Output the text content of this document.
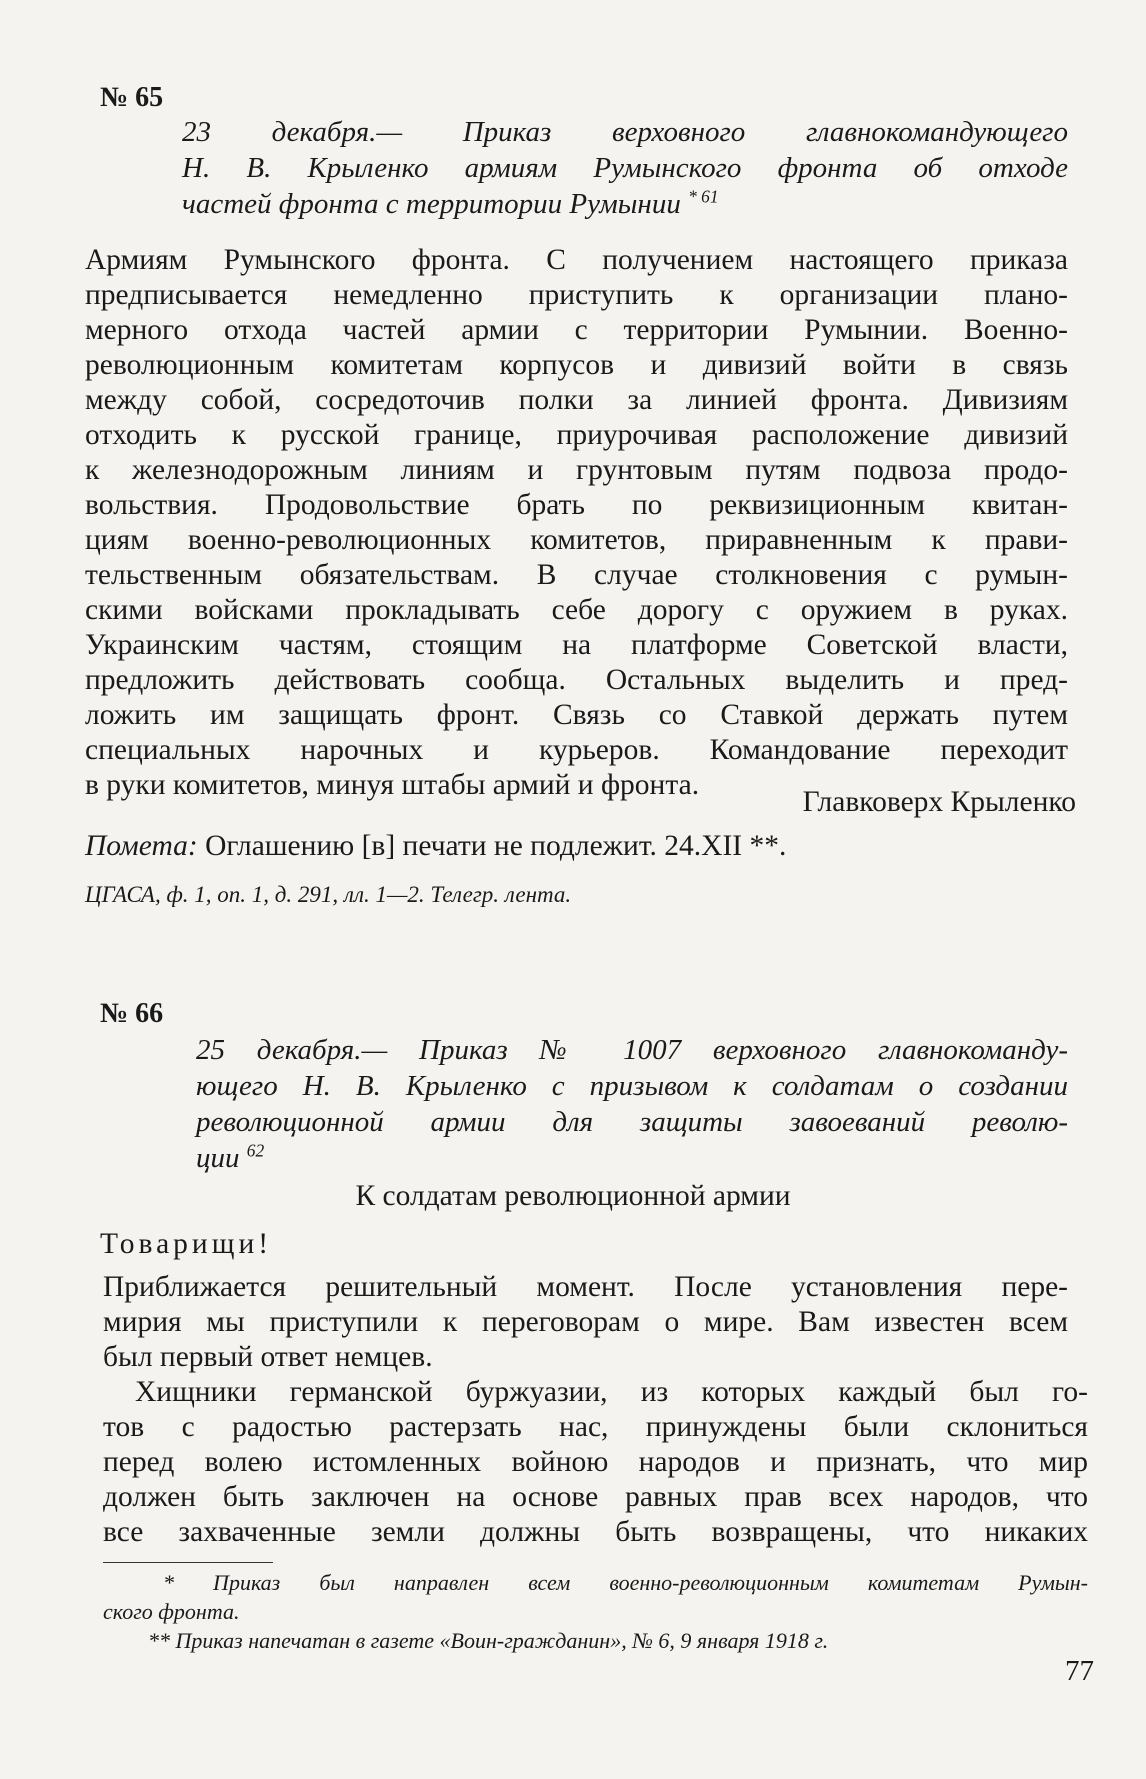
№ 65
23 декабря.— Приказ верховного главнокомандующего
Н. В. Крыленко армиям Румынского фронта об отходе
частей фронта с территории Румынии $^{* 61}$
Армиям Румынского фронта. С получением настоящего приказа
предписывается немедленно приступить к организации плано-
мерного отхода частей армии с территории Румынии. Военно-
революционным комитетам корпусов и дивизий войти в связь
между собой, сосредоточив полки за линией фронта. Дивизиям
отходить к русской границе, приурочивая расположение дивизий
к железнодорожным линиям и грунтовым путям подвоза продо-
вольствия. Продовольствие брать по реквизиционным квитан-
циям военно-революционных комитетов, приравненным к прави-
тельственным обязательствам. В случае столкновения с румын-
скими войсками прокладывать себе дорогу с оружием в руках.
Украинским частям, стоящим на платформе Советской власти,
предложить действовать сообща. Остальных выделить и пред-
ложить им защищать фронт. Связь со Ставкой держать путем
специальных нарочных и курьеров. Командование переходит
в руки комитетов, минуя штабы армий и фронта.
Главковерх Крыленко
Помета: Оглашению [в] печати не подлежит. 24.XII **.
ЦГАСА, ф. 1, оп. 1, д. 291, лл. 1—2. Телегр. лента.
№ 66
25 декабря.— Приказ № 1007 верховного главнокоманду-
ющего Н. В. Крыленко с призывом к солдатам о создании
революционной армии для защиты завоеваний револю-
ции $^{62}$
К солдатам революционной армии
Товарищи!
Приближается решительный момент. После установления пере-
мирия мы приступили к переговорам о мире. Вам известен всем
был первый ответ немцев.
Хищники германской буржуазии, из которых каждый был го-
тов с радостью растерзать нас, принуждены были склониться
перед волею истомленных войною народов и признать, что мир
должен быть заключен на основе равных прав всех народов, что
все захваченные земли должны быть возвращены, что никаких
* Приказ был направлен всем военно-революционным комитетам Румын-
ского фронта.
** Приказ напечатан в газете «Воин-гражданин», № 6, 9 января 1918 г.
77
